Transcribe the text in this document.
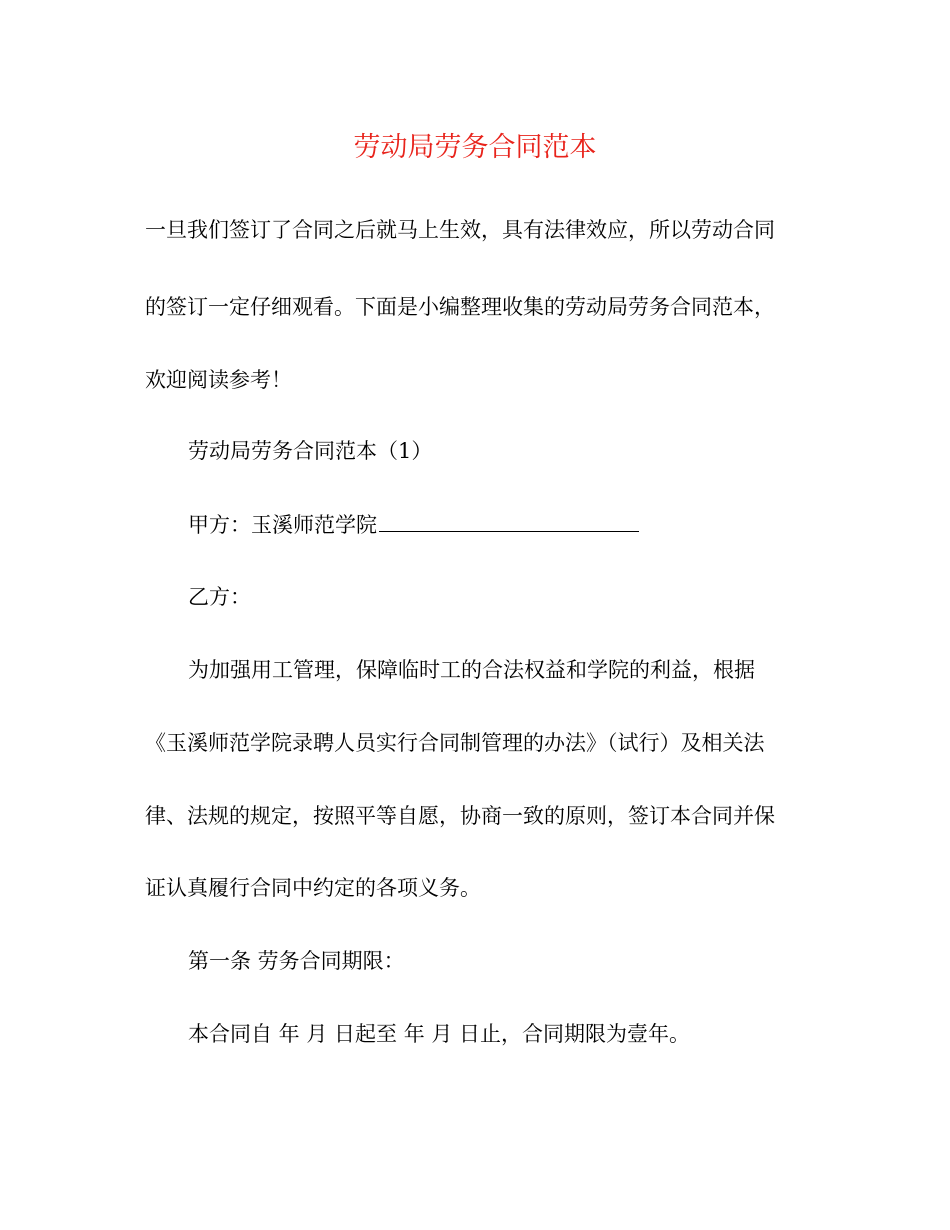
劳动局劳务合同范本
一旦我们签订了合同之后就马上生效，具有法律效应，所以劳动合同
的签订一定仔细观看。下面是小编整理收集的劳动局劳务合同范本，
欢迎阅读参考！
劳动局劳务合同范本（1）
甲方：玉溪师范学院
乙方：
为加强用工管理，保障临时工的合法权益和学院的利益，根据
《玉溪师范学院录聘人员实行合同制管理的办法》（试行）及相关法
律、法规的规定，按照平等自愿，协商一致的原则，签订本合同并保
证认真履行合同中约定的各项义务。
第一条 劳务合同期限：
本合同自 年 月 日起至 年 月 日止，合同期限为壹年。
